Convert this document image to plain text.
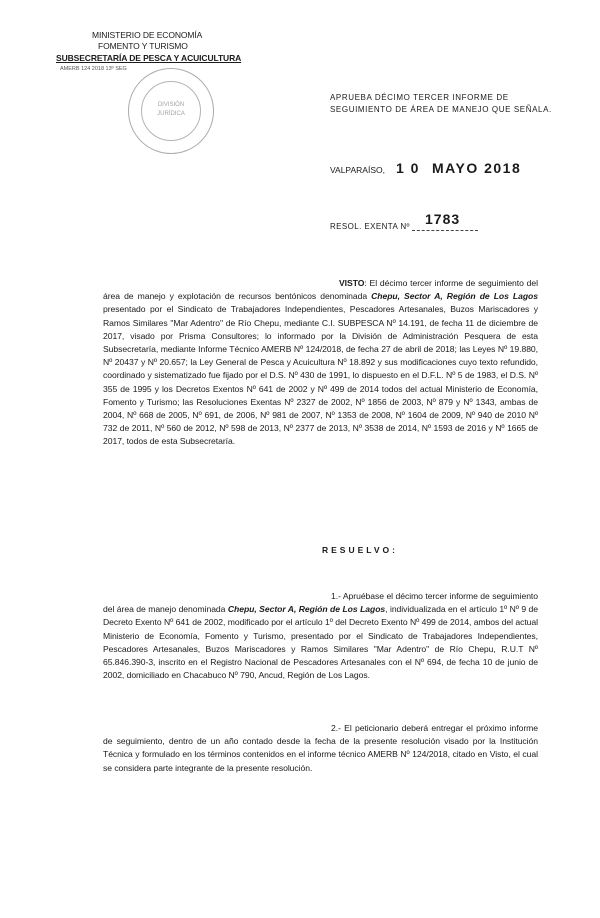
MINISTERIO DE ECONOMÍA
FOMENTO Y TURISMO
SUBSECRETARÍA DE PESCA Y ACUICULTURA
AMERB 124 2018 13º SEG
DIVISIÓN
JURÍDICA
APRUEBA DÉCIMO TERCER INFORME DE
SEGUIMIENTO DE ÁREA DE MANEJO QUE SEÑALA.
VALPARAÍSO, 1 0 MAYO 2018
RESOL. EXENTA Nº 1783
VISTO: El décimo tercer informe de seguimiento del área de manejo y explotación de recursos bentónicos denominada Chepu, Sector A, Región de Los Lagos presentado por el Sindicato de Trabajadores Independientes, Pescadores Artesanales, Buzos Mariscadores y Ramos Similares "Mar Adentro" de Río Chepu, mediante C.I. SUBPESCA Nº 14.191, de fecha 11 de diciembre de 2017, visado por Prisma Consultores; lo informado por la División de Administración Pesquera de esta Subsecretaría, mediante Informe Técnico AMERB Nº 124/2018, de fecha 27 de abril de 2018; las Leyes Nº 19.880, Nº 20437 y Nº 20.657; la Ley General de Pesca y Acuicultura Nº 18.892 y sus modificaciones cuyo texto refundido, coordinado y sistematizado fue fijado por el D.S. Nº 430 de 1991, lo dispuesto en el D.F.L. Nº 5 de 1983, el D.S. Nº 355 de 1995 y los Decretos Exentos Nº 641 de 2002 y Nº 499 de 2014 todos del actual Ministerio de Economía, Fomento y Turismo; las Resoluciones Exentas Nº 2327 de 2002, Nº 1856 de 2003, Nº 879 y Nº 1343, ambas de 2004, Nº 668 de 2005, Nº 691, de 2006, Nº 981 de 2007, Nº 1353 de 2008, Nº 1604 de 2009, Nº 940 de 2010 Nº 732 de 2011, Nº 560 de 2012, Nº 598 de 2013, Nº 2377 de 2013, Nº 3538 de 2014, Nº 1593 de 2016 y Nº 1665 de 2017, todos de esta Subsecretaría.
RESUELVO:
1.- Apruébase el décimo tercer informe de seguimiento del área de manejo denominada Chepu, Sector A, Región de Los Lagos, individualizada en el artículo 1º Nº 9 de Decreto Exento Nº 641 de 2002, modificado por el artículo 1º del Decreto Exento Nº 499 de 2014, ambos del actual Ministerio de Economía, Fomento y Turismo, presentado por el Sindicato de Trabajadores Independientes, Pescadores Artesanales, Buzos Mariscadores y Ramos Similares "Mar Adentro" de Río Chepu, R.U.T Nº 65.846.390-3, inscrito en el Registro Nacional de Pescadores Artesanales con el Nº 694, de fecha 10 de junio de 2002, domiciliado en Chacabuco Nº 790, Ancud, Región de Los Lagos.
2.- El peticionario deberá entregar el próximo informe de seguimiento, dentro de un año contado desde la fecha de la presente resolución visado por la Institución Técnica y formulado en los términos contenidos en el informe técnico AMERB Nº 124/2018, citado en Visto, el cual se considera parte integrante de la presente resolución.
